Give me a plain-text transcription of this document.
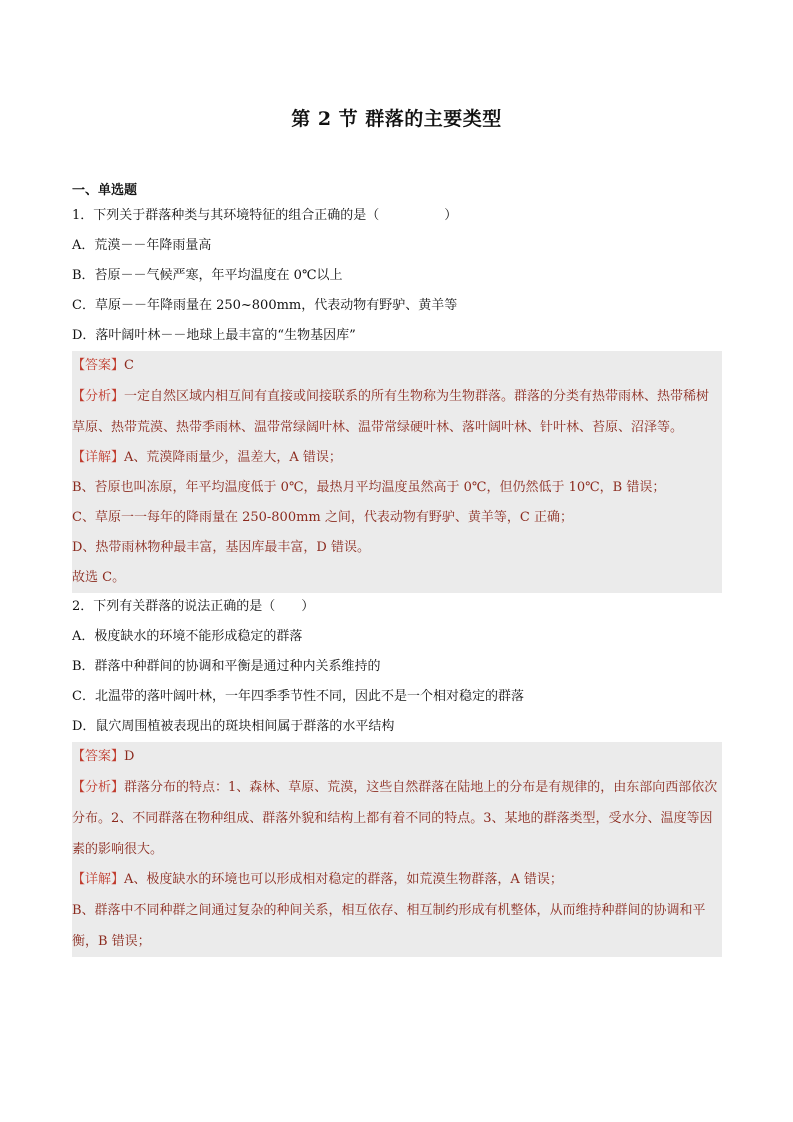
第 2 节 群落的主要类型
一、单选题
1．下列关于群落种类与其环境特征的组合正确的是（　　　　　）
A．荒漠－－年降雨量高
B．苔原－－气候严寒，年平均温度在 0℃以上
C．草原－－年降雨量在 250~800mm，代表动物有野驴、黄羊等
D．落叶阔叶林－－地球上最丰富的“生物基因库”
【答案】C
【分析】一定自然区域内相互间有直接或间接联系的所有生物称为生物群落。群落的分类有热带雨林、热带稀树草原、热带荒漠、热带季雨林、温带常绿阔叶林、温带常绿硬叶林、落叶阔叶林、针叶林、苔原、沼泽等。
【详解】A、荒漠降雨量少，温差大，A 错误；
B、苔原也叫冻原，年平均温度低于 0℃，最热月平均温度虽然高于 0℃，但仍然低于 10℃，B 错误；
C、草原一一每年的降雨量在 250-800mm 之间，代表动物有野驴、黄羊等，C 正确；
D、热带雨林物种最丰富，基因库最丰富，D 错误。
故选 C。
2．下列有关群落的说法正确的是（　　）
A．极度缺水的环境不能形成稳定的群落
B．群落中种群间的协调和平衡是通过种内关系维持的
C．北温带的落叶阔叶林，一年四季季节性不同，因此不是一个相对稳定的群落
D．鼠穴周围植被表现出的斑块相间属于群落的水平结构
【答案】D
【分析】群落分布的特点：1、森林、草原、荒漠，这些自然群落在陆地上的分布是有规律的，由东部向西部依次分布。2、不同群落在物种组成、群落外貌和结构上都有着不同的特点。3、某地的群落类型，受水分、温度等因素的影响很大。
【详解】A、极度缺水的环境也可以形成相对稳定的群落，如荒漠生物群落，A 错误；
B、群落中不同种群之间通过复杂的种间关系，相互依存、相互制约形成有机整体，从而维持种群间的协调和平衡，B 错误；
